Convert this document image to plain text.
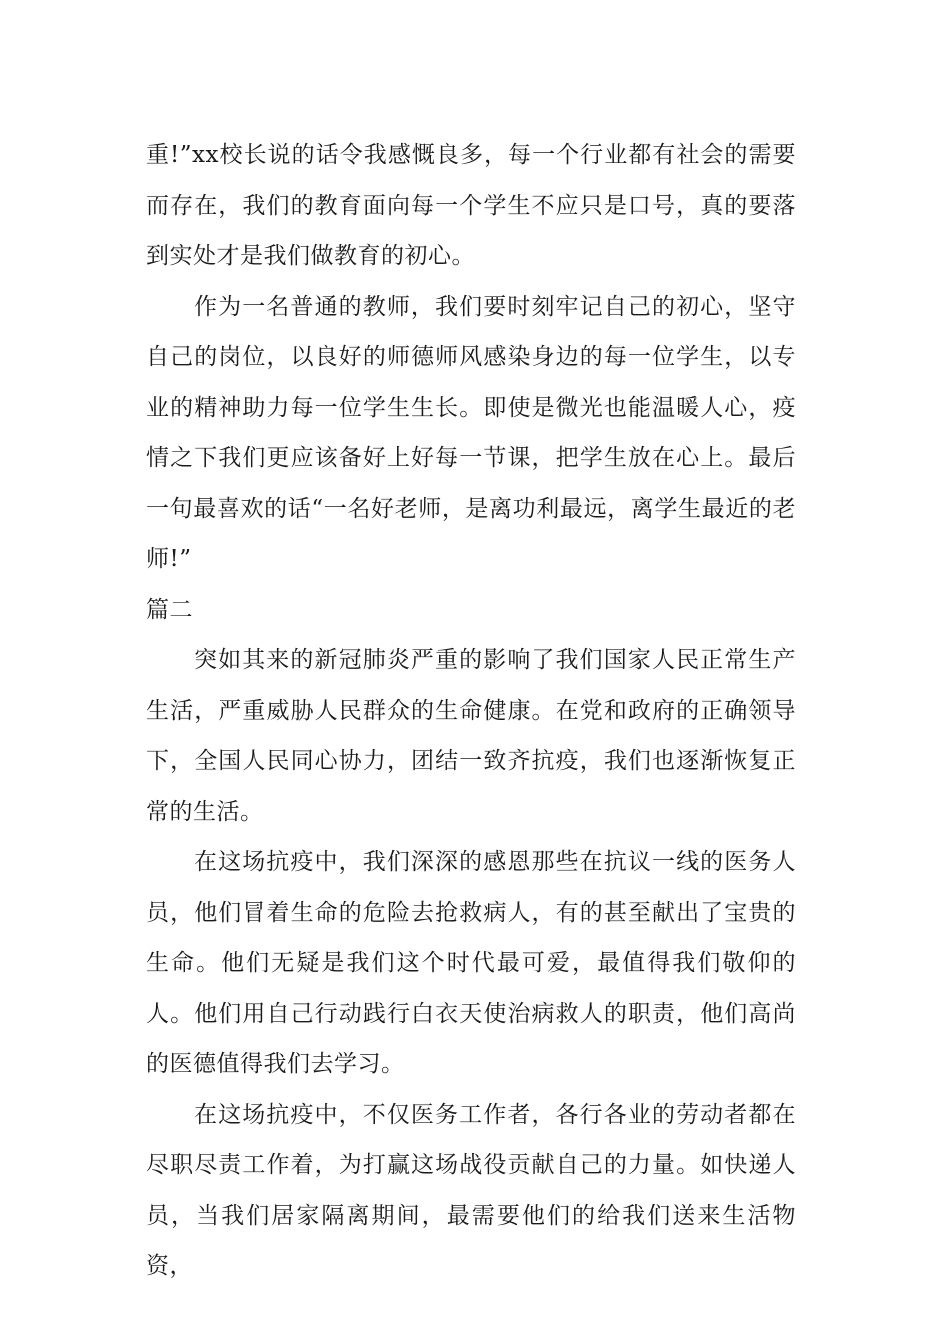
重!”xx校长说的话令我感慨良多，每一个行业都有社会的需要而存在，我们的教育面向每一个学生不应只是口号，真的要落到实处才是我们做教育的初心。

作为一名普通的教师，我们要时刻牢记自己的初心，坚守自己的岗位，以良好的师德师风感染身边的每一位学生，以专业的精神助力每一位学生生长。即使是微光也能温暖人心，疫情之下我们更应该备好上好每一节课，把学生放在心上。最后一句最喜欢的话“一名好老师，是离功利最远，离学生最近的老师!”

篇二

突如其来的新冠肺炎严重的影响了我们国家人民正常生产生活，严重威胁人民群众的生命健康。在党和政府的正确领导下，全国人民同心协力，团结一致齐抗疫，我们也逐渐恢复正常的生活。

在这场抗疫中，我们深深的感恩那些在抗议一线的医务人员，他们冒着生命的危险去抢救病人，有的甚至献出了宝贵的生命。他们无疑是我们这个时代最可爱，最值得我们敬仰的人。他们用自己行动践行白衣天使治病救人的职责，他们高尚的医德值得我们去学习。

在这场抗疫中，不仅医务工作者，各行各业的劳动者都在尽职尽责工作着，为打赢这场战役贡献自己的力量。如快递人员，当我们居家隔离期间，最需要他们的给我们送来生活物资，
